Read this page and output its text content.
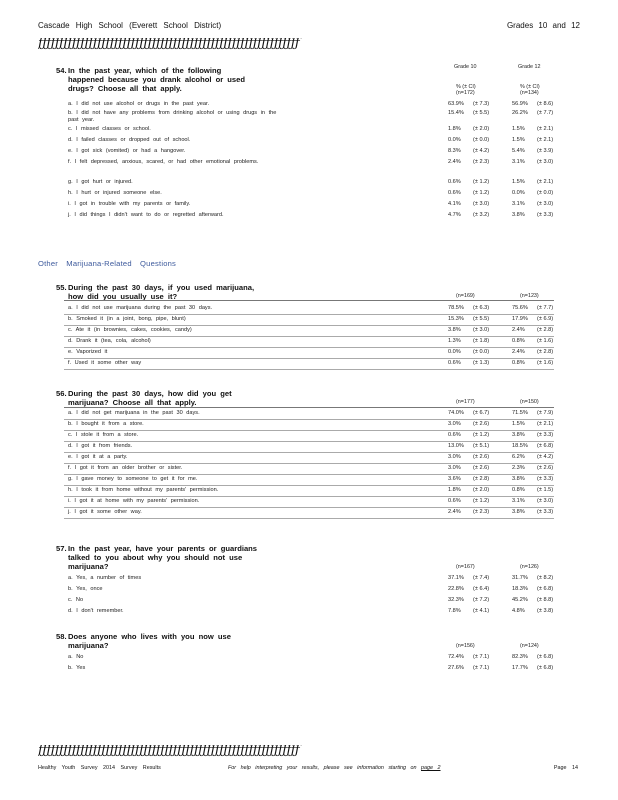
Cascade High School (Everett School District)	Grades 10 and 12
ƒƒƒƒƒƒƒƒƒƒƒƒƒƒƒƒƒƒƒƒƒƒƒƒƒƒƒƒƒƒƒƒƒƒƒƒƒƒƒƒƒƒƒƒƒƒƒƒƒƒƒƒƒƒƒƒƒƒƒƒƒƒ
54.In the past year, which of the following
happened because you drank alcohol or used
drugs? Choose all that apply.
Grade 10	Grade 12
% (± CI)	% (± CI)
(n=172)	(n=134)
a. I did not use alcohol or drugs in the past year.	63.9% (± 7.3)	56.9% (± 8.6)
b. I did not have any problems from drinking alcohol or using drugs in the past year.
15.4% (± 5.5)	26.2% (± 7.7)
c. I missed classes or school.	1.8% (± 2.0)	1.5% (± 2.1)
d. I failed classes or dropped out of school.	0.0% (± 0.0)	1.5% (± 2.1)
e. I got sick (vomited) or had a hangover.	8.3% (± 4.2)	5.4% (± 3.9)
f. I felt depressed, anxious, scared, or had other emotional problems.	2.4% (± 2.3)	3.1% (± 3.0)
g. I got hurt or injured.	0.6% (± 1.2)	1.5% (± 2.1)
h. I hurt or injured someone else.	0.6% (± 1.2)	0.0% (± 0.0)
i. I got in trouble with my parents or family.	4.1% (± 3.0)	3.1% (± 3.0)
j. I did things I didn't want to do or regretted afterward.	4.7% (± 3.2)	3.8% (± 3.3)
Other Marijuana-Related Questions
55.During the past 30 days, if you used marijuana,
how did you usually use it?	(n=169)	(n=123)
a. I did not use marijuana during the past 30 days.	78.5% (± 6.3)	75.6% (± 7.7)
b. Smoked it (in a joint, bong, pipe, blunt)	15.3% (± 5.5)	17.9% (± 6.9)
c. Ate it (in brownies, cakes, cookies, candy)	3.8% (± 3.0)	2.4% (± 2.8)
d. Drank it (tea, cola, alcohol)	1.3% (± 1.8)	0.8% (± 1.6)
e. Vaporized it	0.0% (± 0.0)	2.4% (± 2.8)
f. Used it some other way	0.6% (± 1.3)	0.8% (± 1.6)
56.During the past 30 days, how did you get
marijuana? Choose all that apply.	(n=177)	(n=150)
a. I did not get marijuana in the past 30 days.	74.0% (± 6.7)	71.5% (± 7.9)
b. I bought it from a store.	3.0% (± 2.6)	1.5% (± 2.1)
c. I stole it from a store.	0.6% (± 1.2)	3.8% (± 3.3)
d. I got it from friends.	13.0% (± 5.1)	18.5% (± 6.8)
e. I got it at a party.	3.0% (± 2.6)	6.2% (± 4.2)
f. I got it from an older brother or sister.	3.0% (± 2.6)	2.3% (± 2.6)
g. I gave money to someone to get it for me.	3.6% (± 2.8)	3.8% (± 3.3)
h. I took it from home without my parents' permission.	1.8% (± 2.0)	0.8% (± 1.5)
i. I got it at home with my parents' permission.	0.6% (± 1.2)	3.1% (± 3.0)
j. I got it some other way.	2.4% (± 2.3)	3.8% (± 3.3)
57.In the past year, have your parents or guardians
talked to you about why you should not use
marijuana?	(n=167)	(n=126)
a. Yes, a number of times	37.1% (± 7.4)	31.7% (± 8.2)
b. Yes, once	22.8% (± 6.4)	18.3% (± 6.8)
c. No	32.3% (± 7.2)	45.2% (± 8.8)
d. I don't remember.	7.8% (± 4.1)	4.8% (± 3.8)
58.Does anyone who lives with you now use
marijuana?	(n=156)	(n=124)
a. No	72.4% (± 7.1)	82.3% (± 6.8)
b. Yes	27.6% (± 7.1)	17.7% (± 6.8)
ƒƒƒƒƒƒƒƒƒƒƒƒƒƒƒƒƒƒƒƒƒƒƒƒƒƒƒƒƒƒƒƒƒƒƒƒƒƒƒƒƒƒƒƒƒƒƒƒƒƒƒƒƒƒƒƒƒƒƒƒƒƒ
Healthy Youth Survey 2014 Survey Results	For help interpreting your results, please see information starting on page 2	Page 14
